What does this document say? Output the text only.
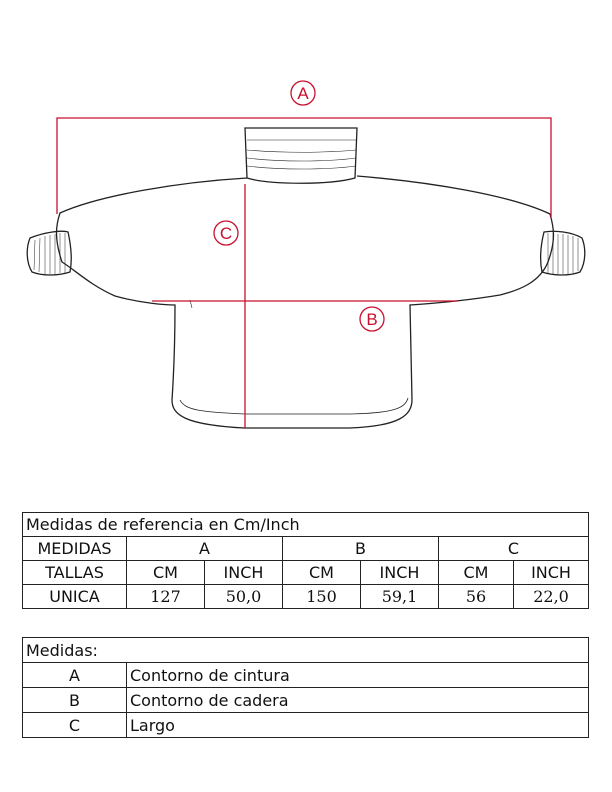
A
B
C
Medidas de referencia en Cm/Inch						
MEDIDAS	A		B		C	
TALLAS	CM	INCH	CM	INCH	CM	INCH
UNICA	127	50,0	150	59,1	56	22,0
Medidas:	
A	Contorno de cintura
B	Contorno de cadera
C	Largo
